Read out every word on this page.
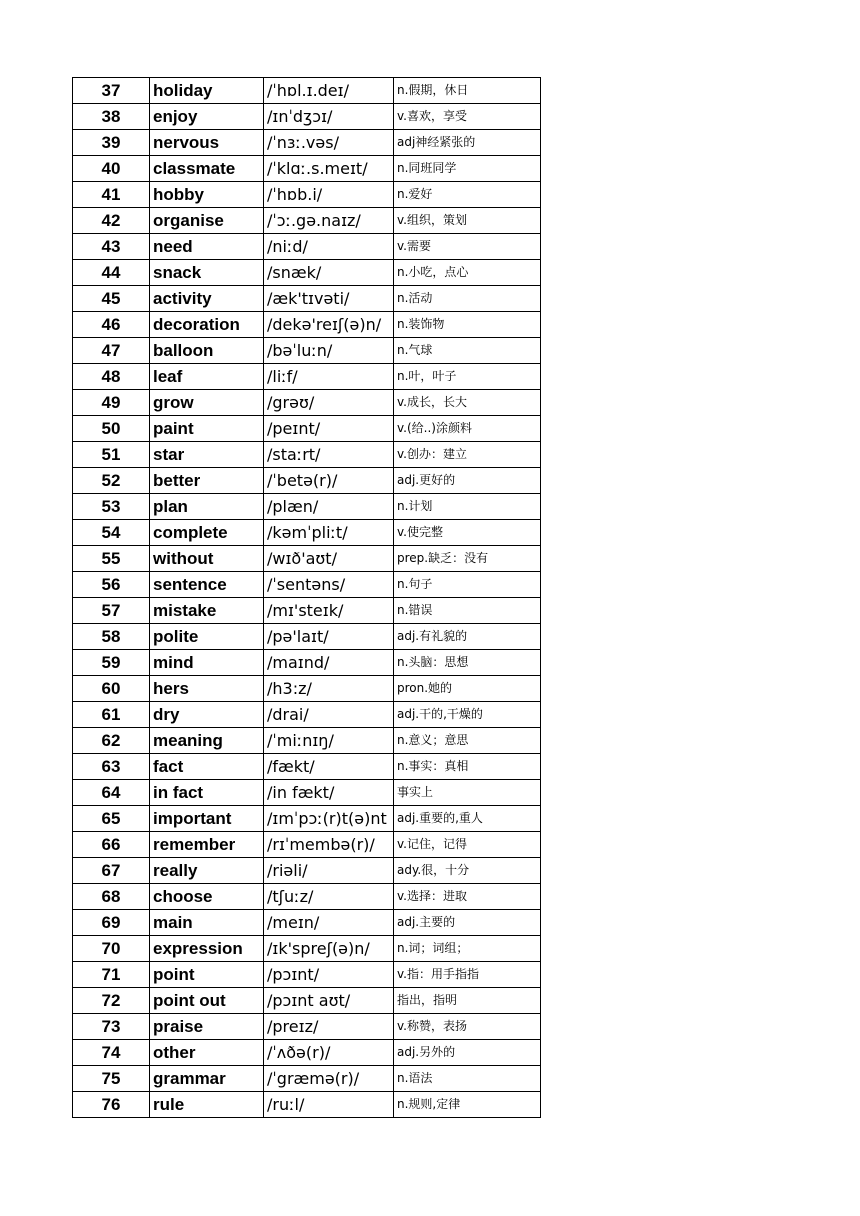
37	holiday	/ˈhɒl.ɪ.deɪ/	n.假期，休日
38	enjoy	/ɪnˈdʒɔɪ/	v.喜欢，享受
39	nervous	/ˈnɜː.vəs/	adj神经紧张的
40	classmate	/ˈklɑː.s.meɪt/	n.同班同学
41	hobby	/ˈhɒb.i/	n.爱好
42	organise	/ˈɔː.gə.naɪz/	v.组织，策划
43	need	/niːd/	v.需要
44	snack	/snæk/	n.小吃，点心
45	activity	/æk'tɪvəti/	n.活动
46	decoration	/dekə'reɪʃ(ə)n/	n.装饰物
47	balloon	/bəˈluːn/	n.气球
48	leaf	/liːf/	n.叶，叶子
49	grow	/grəʊ/	v.成长，长大
50	paint	/peɪnt/	v.(给..)涂颜料
51	star	/staːrt/	v.创办：建立
52	better	/ˈbetə(r)/	adj.更好的
53	plan	/plæn/	n.计划
54	complete	/kəmˈpliːt/	v.使完整
55	without	/wɪð'aʊt/	prep.缺乏：没有
56	sentence	/ˈsentəns/	n.句子
57	mistake	/mɪ'steɪk/	n.错误
58	polite	/pə'laɪt/	adj.有礼貌的
59	mind	/maɪnd/	n.头脑：思想
60	hers	/h3:z/	pron.她的
61	dry	/drai/	adj.干的,干燥的
62	meaning	/ˈmiːnɪŋ/	n.意义；意思
63	fact	/fækt/	n.事实：真相
64	in fact	/in fækt/	事实上
65	important	/ɪmˈpɔː(r)t(ə)nt	adj.重要的,重人
66	remember	/rɪˈmembə(r)/	v.记住，记得
67	really	/riəli/	ady.很，十分
68	choose	/tʃuːz/	v.选择：进取
69	main	/meɪn/	adj.主要的
70	expression	/ɪk'spreʃ(ə)n/	n.词；词组；
71	point	/pɔɪnt/	v.指：用手指指
72	point out	/pɔɪnt aʊt/	指出，指明
73	praise	/preɪz/	v.称赞，表扬
74	other	/ˈʌðə(r)/	adj.另外的
75	grammar	/ˈgræmə(r)/	n.语法
76	rule	/ruːl/	n.规则,定律
